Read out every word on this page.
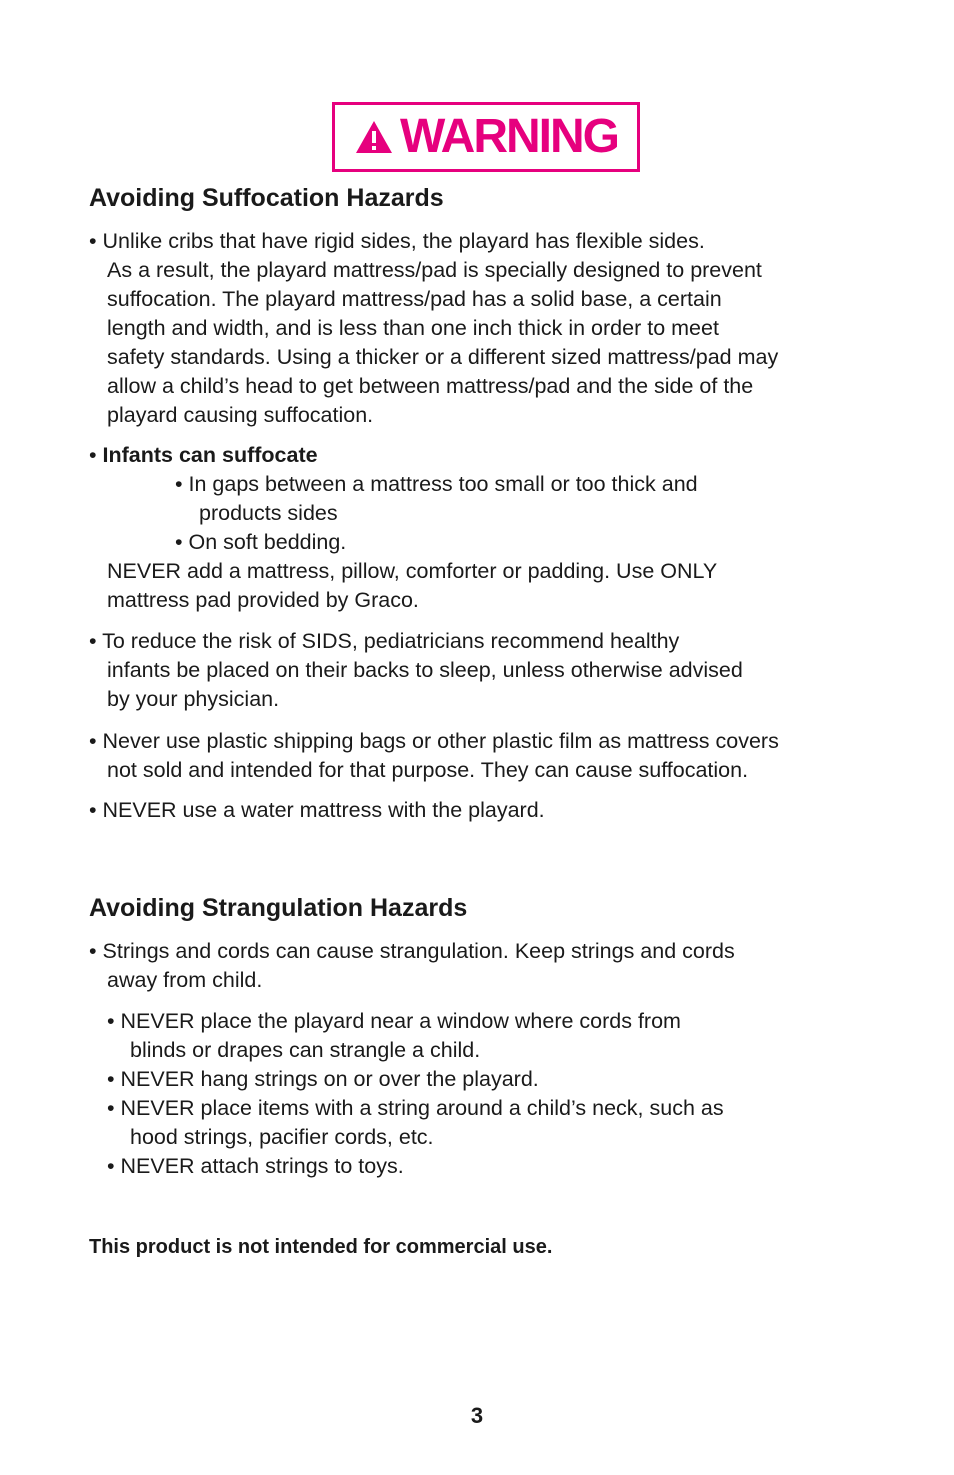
WARNING
Avoiding Suffocation Hazards

• Unlike cribs that have rigid sides, the playard has flexible sides.

As a result, the playard mattress/pad is specially designed to prevent

suffocation. The playard mattress/pad has a solid base, a certain

length and width, and is less than one inch thick in order to meet

safety standards. Using a thicker or a different sized mattress/pad may

allow a child’s head to get between mattress/pad and the side of the

playard causing suffocation.

• Infants can suffocate

• In gaps between a mattress too small or too thick and

products sides

• On soft bedding.

NEVER add a mattress, pillow, comforter or padding. Use ONLY

mattress pad provided by Graco.

• To reduce the risk of SIDS, pediatricians recommend healthy

infants be placed on their backs to sleep, unless otherwise advised

by your physician.

• Never use plastic shipping bags or other plastic film as mattress covers

not sold and intended for that purpose. They can cause suffocation.

• NEVER use a water mattress with the playard.

Avoiding Strangulation Hazards

• Strings and cords can cause strangulation. Keep strings and cords

away from child.

• NEVER place the playard near a window where cords from

blinds or drapes can strangle a child.

• NEVER hang strings on or over the playard.

• NEVER place items with a string around a child’s neck, such as

hood strings, pacifier cords, etc.

• NEVER attach strings to toys.

This product is not intended for commercial use.
3
